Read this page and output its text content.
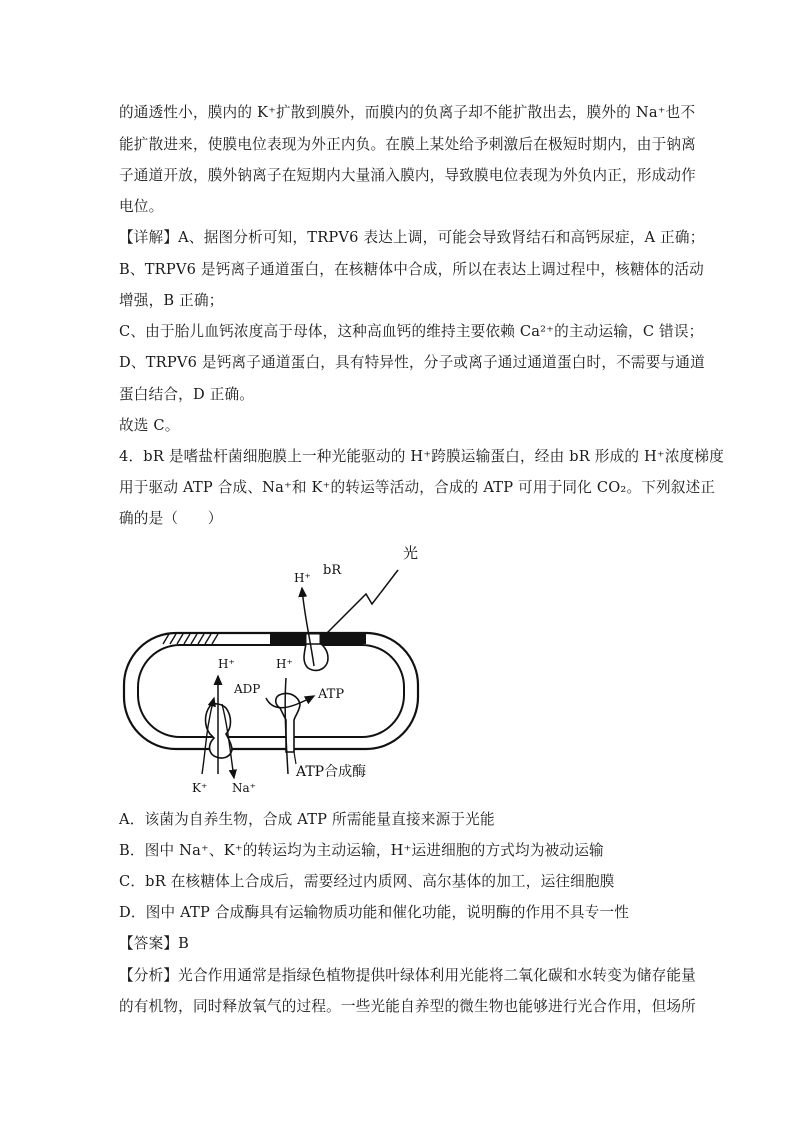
的通透性小，膜内的 K⁺扩散到膜外，而膜内的负离子却不能扩散出去，膜外的 Na⁺也不
能扩散进来，使膜电位表现为外正内负。在膜上某处给予刺激后在极短时期内，由于钠离
子通道开放，膜外钠离子在短期内大量涌入膜内，导致膜电位表现为外负内正，形成动作
电位。
【详解】A、据图分析可知，TRPV6 表达上调，可能会导致肾结石和高钙尿症，A 正确；
B、TRPV6 是钙离子通道蛋白，在核糖体中合成，所以在表达上调过程中，核糖体的活动
增强，B 正确；
C、由于胎儿血钙浓度高于母体，这种高血钙的维持主要依赖 Ca²⁺的主动运输，C 错误；
D、TRPV6 是钙离子通道蛋白，具有特异性，分子或离子通过通道蛋白时，不需要与通道
蛋白结合，D 正确。
故选 C。
4．bR 是嗜盐杆菌细胞膜上一种光能驱动的 H⁺跨膜运输蛋白，经由 bR 形成的 H⁺浓度梯度
用于驱动 ATP 合成、Na⁺和 K⁺的转运等活动，合成的 ATP 可用于同化 CO₂。下列叙述正
确的是（　　）
光
bR
H⁺
H⁺
ADP	ATP
ATP合成酶
H⁺
K⁺ Na⁺
A．该菌为自养生物，合成 ATP 所需能量直接来源于光能
B．图中 Na⁺、K⁺的转运均为主动运输，H⁺运进细胞的方式均为被动运输
C．bR 在核糖体上合成后，需要经过内质网、高尔基体的加工，运往细胞膜
D．图中 ATP 合成酶具有运输物质功能和催化功能，说明酶的作用不具专一性
【答案】B
【分析】光合作用通常是指绿色植物提供叶绿体利用光能将二氧化碳和水转变为储存能量
的有机物，同时释放氧气的过程。一些光能自养型的微生物也能够进行光合作用，但场所
